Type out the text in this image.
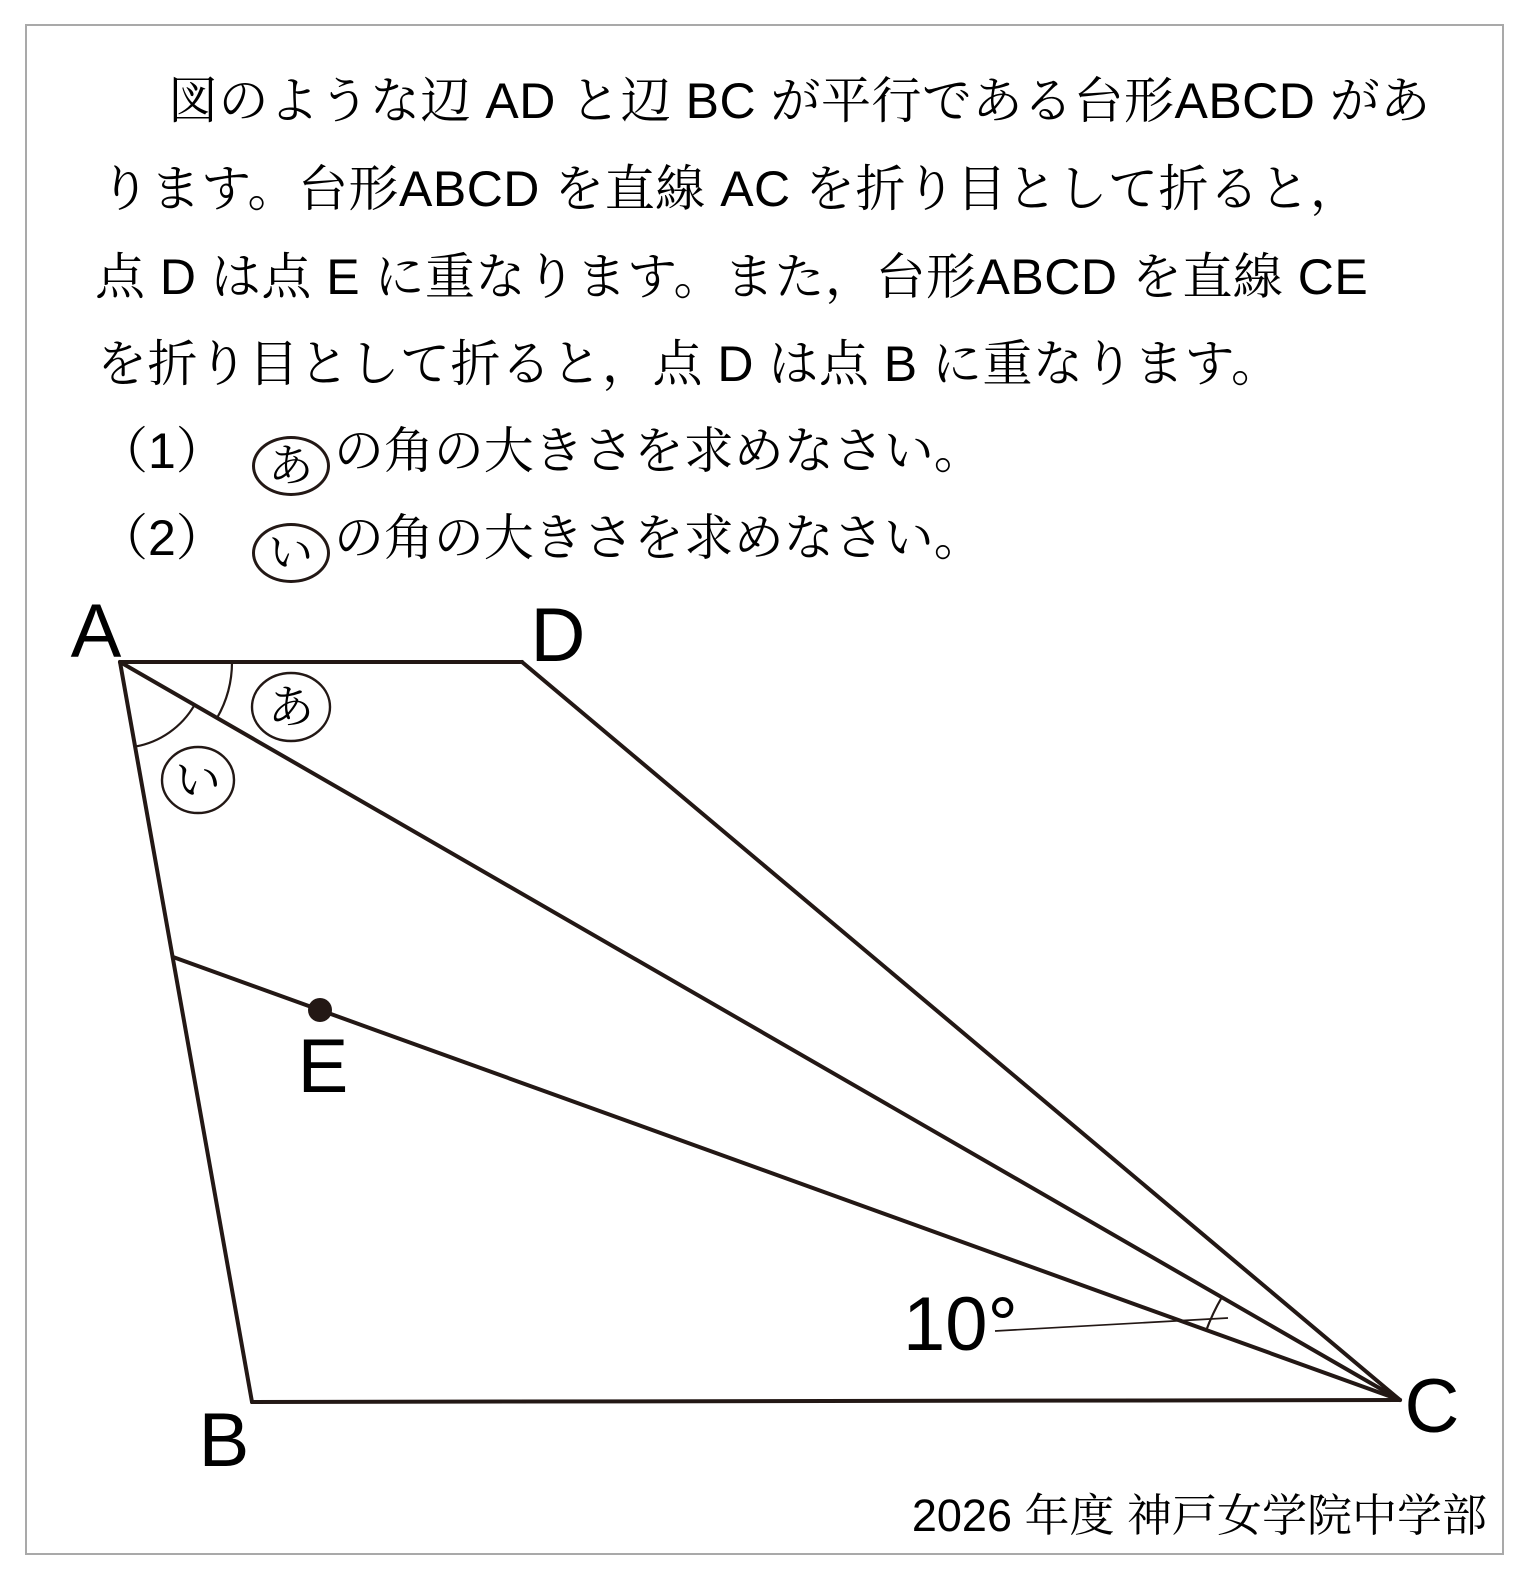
図のような辺 AD と辺 BC が平行である台形ABCD があ
ります。台形ABCD を直線 AC を折り目として折ると，
点 D は点 E に重なります。また，台形ABCD を直線 CE
を折り目として折ると，点 D は点 B に重なります。
（1） あ の角の大きさを求めなさい。
（2） い の角の大きさを求めなさい。
あ
い
A	D
B	C
E
10°
2026 年度 神戸女学院中学部
